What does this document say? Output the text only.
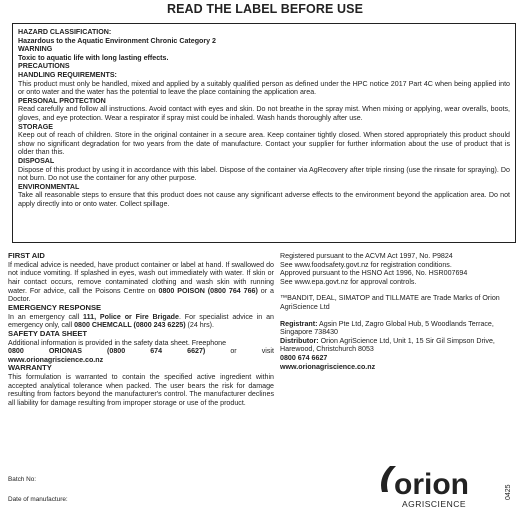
READ THE LABEL BEFORE USE

HAZARD CLASSIFICATION:

Hazardous to the Aquatic Environment Chronic Category 2

WARNING

Toxic to aquatic life with long lasting effects.

PRECAUTIONS

HANDLING REQUIREMENTS:

This product must only be handled, mixed and applied by a suitably qualified person as defined under the HPC notice 2017 Part 4C when being applied into or onto water and the water has the potential to leave the place containing the application area.

PERSONAL PROTECTION

Read carefully and follow all instructions. Avoid contact with eyes and skin. Do not breathe in the spray mist. When mixing or applying, wear overalls, boots, gloves, and eye protection. Wear a respirator if spray mist could be inhaled. Wash hands thoroughly after use.

STORAGE

Keep out of reach of children. Store in the original container in a secure area. Keep container tightly closed. When stored appropriately this product should show no significant degradation for two years from the date of manufacture. Contact your supplier for further information about the use of product that is older than this.

DISPOSAL

Dispose of this product by using it in accordance with this label. Dispose of the container via AgRecovery after triple rinsing (use the rinsate for spraying). Do not burn. Do not use the container for any other purpose.

ENVIRONMENTAL

Take all reasonable steps to ensure that this product does not cause any significant adverse effects to the environment beyond the application area. Do not apply directly into or onto water. Collect spillage.

FIRST AID

If medical advice is needed, have product container or label at hand. If swallowed do not induce vomiting. If splashed in eyes, wash out immediately with water. If skin or hair contact occurs, remove contaminated clothing and wash skin with running water. For advice, call the Poisons Centre on 0800 POISON (0800 764 766) or a Doctor.

EMERGENCY RESPONSE

In an emergency call 111, Police or Fire Brigade. For specialist advice in an emergency only, call 0800 CHEMCALL (0800 243 6225) (24 hrs).

SAFETY DATA SHEET

Additional information is provided in the safety data sheet. Freephone

0800	ORIONAS	(0800	674	6627)	or	visit
www.orionagriscience.co.nz
WARRANTY

This formulation is warranted to contain the specified active ingredient within accepted analytical tolerance when packed. The user bears the risk for damage resulting from factors beyond the manufacturer's control. The manufacturer declines all liability for damage resulting from improper storage or use of the product.

Registered pursuant to the ACVM Act 1997, No. P9824
See www.foodsafety.govt.nz for registration conditions.
Approved pursuant to the HSNO Act 1996, No. HSR007694
See www.epa.govt.nz for approval controls.
™BANDIT, DEAL, SIMATOP and TILLMATE are Trade Marks of Orion AgriScience Ltd
Registrant: Agsin Pte Ltd, Zagro Global Hub, 5 Woodlands Terrace, Singapore 738430
Distributor: Orion AgriScience Ltd, Unit 1, 15 Sir Gil Simpson Drive, Harewood, Christchurch 8053
0800 674 6627
www.orionagriscience.co.nz
Batch No:
Date of manufacture:	orion
AGRISCIENCE
0425
